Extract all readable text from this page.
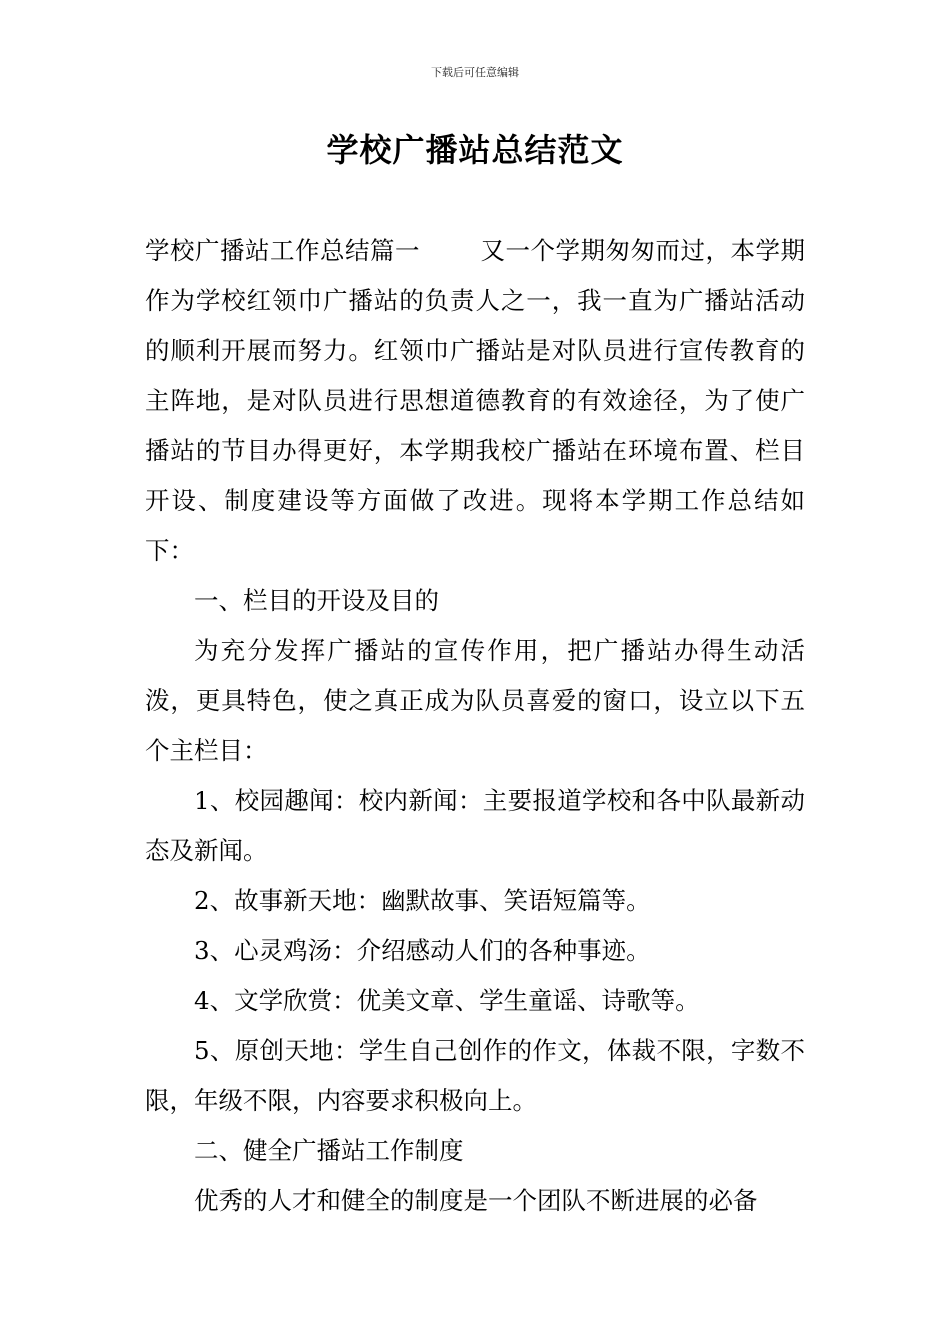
下载后可任意编辑
学校广播站总结范文

学校广播站工作总结篇一 又一个学期匆匆而过，本学期作为学校红领巾广播站的负责人之一，我一直为广播站活动的顺利开展而努力。红领巾广播站是对队员进行宣传教育的主阵地，是对队员进行思想道德教育的有效途径，为了使广播站的节目办得更好，本学期我校广播站在环境布置、栏目开设、制度建设等方面做了改进。现将本学期工作总结如下：

一、栏目的开设及目的

为充分发挥广播站的宣传作用，把广播站办得生动活泼，更具特色，使之真正成为队员喜爱的窗口，设立以下五个主栏目：

1、校园趣闻：校内新闻：主要报道学校和各中队最新动态及新闻。

2、故事新天地：幽默故事、笑语短篇等。

3、心灵鸡汤：介绍感动人们的各种事迹。

4、文学欣赏：优美文章、学生童谣、诗歌等。

5、原创天地：学生自己创作的作文，体裁不限，字数不限，年级不限，内容要求积极向上。

二、健全广播站工作制度

优秀的人才和健全的制度是一个团队不断进展的必备
